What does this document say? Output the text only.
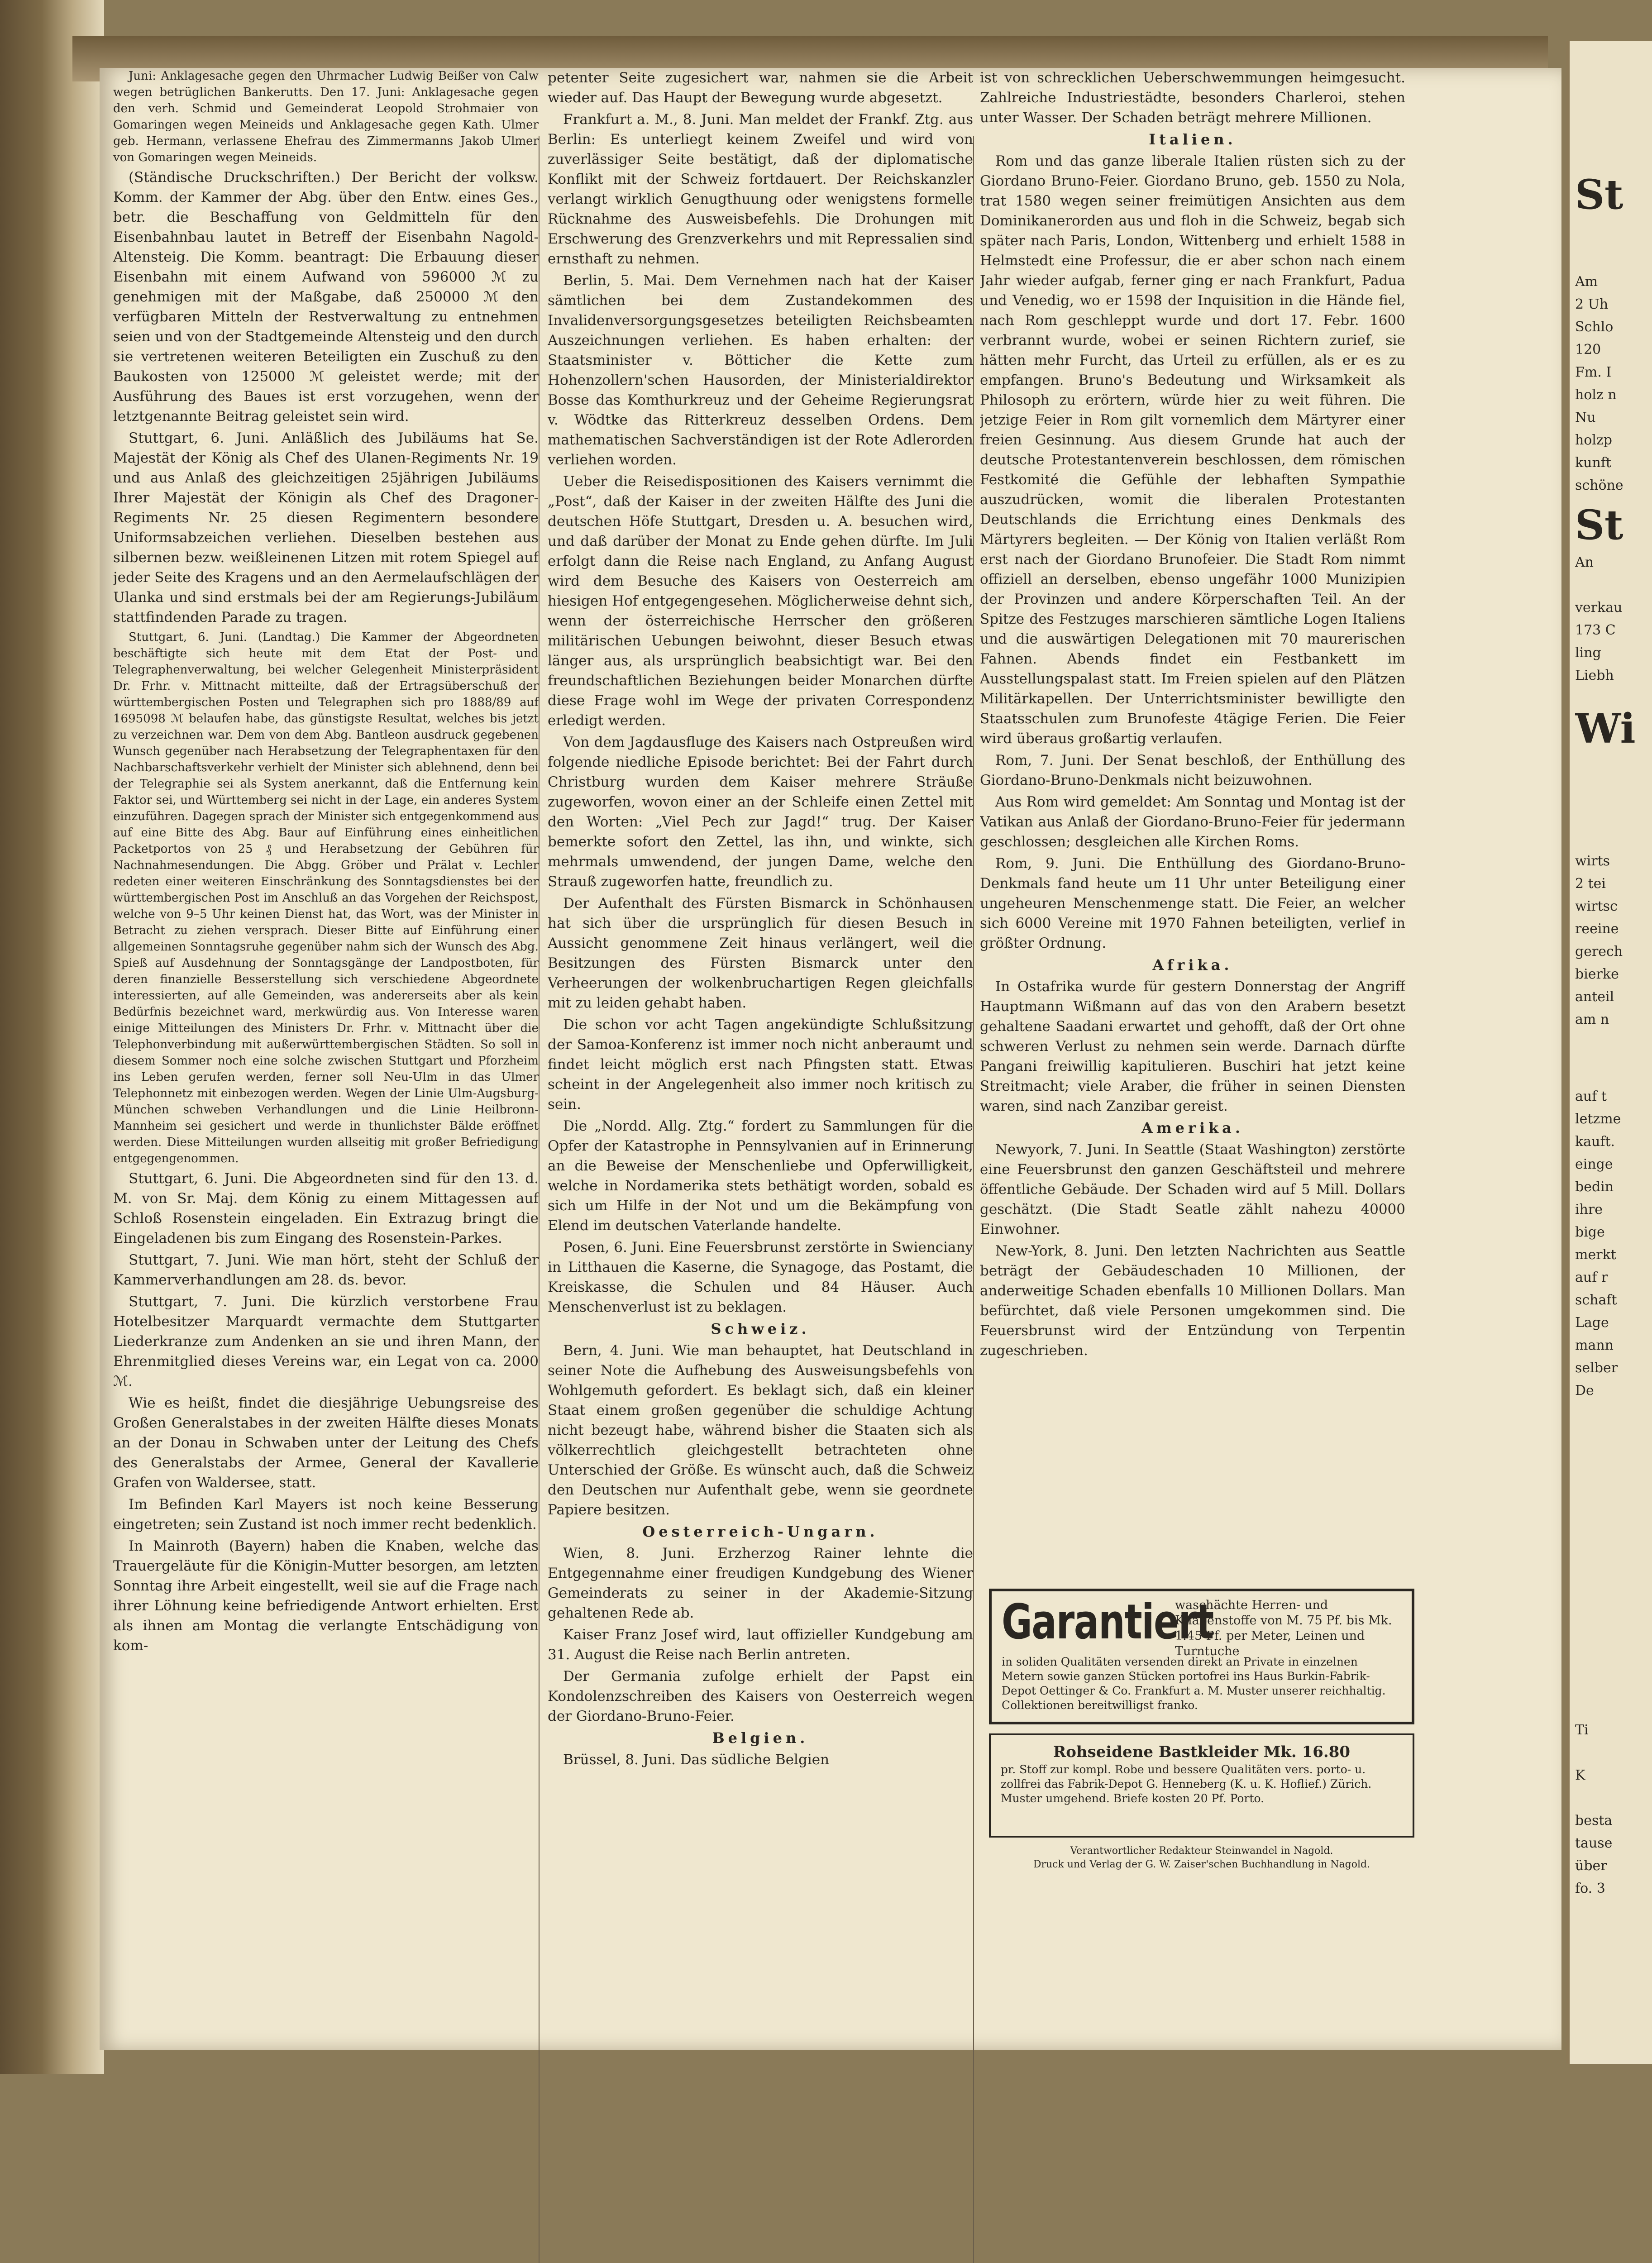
Juni: Anklagesache gegen den Uhrmacher Ludwig Beißer von Calw wegen betrüglichen Bankerutts. Den 17. Juni: Anklagesache gegen den verh. Schmid und Gemeinderat Leopold Strohmaier von Gomaringen wegen Meineids und Anklagesache gegen Kath. Ulmer geb. Hermann, verlassene Ehefrau des Zimmermanns Jakob Ulmer von Gomaringen wegen Meineids.

(Ständische Druckschriften.) Der Bericht der volksw. Komm. der Kammer der Abg. über den Entw. eines Ges., betr. die Beschaffung von Geldmitteln für den Eisenbahnbau lautet in Betreff der Eisenbahn Nagold-Altensteig. Die Komm. beantragt: Die Erbauung dieser Eisenbahn mit einem Aufwand von 596000 ℳ zu genehmigen mit der Maßgabe, daß 250000 ℳ den verfügbaren Mitteln der Restverwaltung zu entnehmen seien und von der Stadtgemeinde Altensteig und den durch sie vertretenen weiteren Beteiligten ein Zuschuß zu den Baukosten von 125000 ℳ geleistet werde; mit der Ausführung des Baues ist erst vorzugehen, wenn der letztgenannte Beitrag geleistet sein wird.

Stuttgart, 6. Juni. Anläßlich des Jubiläums hat Se. Majestät der König als Chef des Ulanen-Regiments Nr. 19 und aus Anlaß des gleichzeitigen 25jährigen Jubiläums Ihrer Majestät der Königin als Chef des Dragoner-Regiments Nr. 25 diesen Regimentern besondere Uniformsabzeichen verliehen. Dieselben bestehen aus silbernen bezw. weißleinenen Litzen mit rotem Spiegel auf jeder Seite des Kragens und an den Aermelaufschlägen der Ulanka und sind erstmals bei der am Regierungs-Jubiläum stattfindenden Parade zu tragen.

Stuttgart, 6. Juni. (Landtag.) Die Kammer der Abgeordneten beschäftigte sich heute mit dem Etat der Post- und Telegraphenverwaltung, bei welcher Gelegenheit Ministerpräsident Dr. Frhr. v. Mittnacht mitteilte, daß der Ertragsüberschuß der württembergischen Posten und Telegraphen sich pro 1888/89 auf 1695098 ℳ belaufen habe, das günstigste Resultat, welches bis jetzt zu verzeichnen war. Dem von dem Abg. Bantleon ausdruck gegebenen Wunsch gegenüber nach Herabsetzung der Telegraphentaxen für den Nachbarschaftsverkehr verhielt der Minister sich ablehnend, denn bei der Telegraphie sei als System anerkannt, daß die Entfernung kein Faktor sei, und Württemberg sei nicht in der Lage, ein anderes System einzuführen. Dagegen sprach der Minister sich entgegenkommend aus auf eine Bitte des Abg. Baur auf Einführung eines einheitlichen Packetportos von 25 ₰ und Herabsetzung der Gebühren für Nachnahmesendungen. Die Abgg. Gröber und Prälat v. Lechler redeten einer weiteren Einschränkung des Sonntagsdienstes bei der württembergischen Post im Anschluß an das Vorgehen der Reichspost, welche von 9–5 Uhr keinen Dienst hat, das Wort, was der Minister in Betracht zu ziehen versprach. Dieser Bitte auf Einführung einer allgemeinen Sonntagsruhe gegenüber nahm sich der Wunsch des Abg. Spieß auf Ausdehnung der Sonntagsgänge der Landpostboten, für deren finanzielle Besserstellung sich verschiedene Abgeordnete interessierten, auf alle Gemeinden, was andererseits aber als kein Bedürfnis bezeichnet ward, merkwürdig aus. Von Interesse waren einige Mitteilungen des Ministers Dr. Frhr. v. Mittnacht über die Telephonverbindung mit außerwürttembergischen Städten. So soll in diesem Sommer noch eine solche zwischen Stuttgart und Pforzheim ins Leben gerufen werden, ferner soll Neu-Ulm in das Ulmer Telephonnetz mit einbezogen werden. Wegen der Linie Ulm-Augsburg-München schweben Verhandlungen und die Linie Heilbronn-Mannheim sei gesichert und werde in thunlichster Bälde eröffnet werden. Diese Mitteilungen wurden allseitig mit großer Befriedigung entgegengenommen.

Stuttgart, 6. Juni. Die Abgeordneten sind für den 13. d. M. von Sr. Maj. dem König zu einem Mittagessen auf Schloß Rosenstein eingeladen. Ein Extrazug bringt die Eingeladenen bis zum Eingang des Rosenstein-Parkes.

Stuttgart, 7. Juni. Wie man hört, steht der Schluß der Kammerverhandlungen am 28. ds. bevor.

Stuttgart, 7. Juni. Die kürzlich verstorbene Frau Hotelbesitzer Marquardt vermachte dem Stuttgarter Liederkranze zum Andenken an sie und ihren Mann, der Ehrenmitglied dieses Vereins war, ein Legat von ca. 2000 ℳ.

Wie es heißt, findet die diesjährige Uebungsreise des Großen Generalstabes in der zweiten Hälfte dieses Monats an der Donau in Schwaben unter der Leitung des Chefs des Generalstabs der Armee, General der Kavallerie Grafen von Waldersee, statt.

Im Befinden Karl Mayers ist noch keine Besserung eingetreten; sein Zustand ist noch immer recht bedenklich.

In Mainroth (Bayern) haben die Knaben, welche das Trauergeläute für die Königin-Mutter besorgen, am letzten Sonntag ihre Arbeit eingestellt, weil sie auf die Frage nach ihrer Löhnung keine befriedigende Antwort erhielten. Erst als ihnen am Montag die verlangte Entschädigung von kom-

petenter Seite zugesichert war, nahmen sie die Arbeit wieder auf. Das Haupt der Bewegung wurde abgesetzt.

Frankfurt a. M., 8. Juni. Man meldet der Frankf. Ztg. aus Berlin: Es unterliegt keinem Zweifel und wird von zuverlässiger Seite bestätigt, daß der diplomatische Konflikt mit der Schweiz fortdauert. Der Reichskanzler verlangt wirklich Genugthuung oder wenigstens formelle Rücknahme des Ausweisbefehls. Die Drohungen mit Erschwerung des Grenzverkehrs und mit Repressalien sind ernsthaft zu nehmen.

Berlin, 5. Mai. Dem Vernehmen nach hat der Kaiser sämtlichen bei dem Zustandekommen des Invalidenversorgungsgesetzes beteiligten Reichsbeamten Auszeichnungen verliehen. Es haben erhalten: der Staatsminister v. Bötticher die Kette zum Hohenzollern'schen Hausorden, der Ministerialdirektor Bosse das Komthurkreuz und der Geheime Regierungsrat v. Wödtke das Ritterkreuz desselben Ordens. Dem mathematischen Sachverständigen ist der Rote Adlerorden verliehen worden.

Ueber die Reisedispositionen des Kaisers vernimmt die „Post“, daß der Kaiser in der zweiten Hälfte des Juni die deutschen Höfe Stuttgart, Dresden u. A. besuchen wird, und daß darüber der Monat zu Ende gehen dürfte. Im Juli erfolgt dann die Reise nach England, zu Anfang August wird dem Besuche des Kaisers von Oesterreich am hiesigen Hof entgegengesehen. Möglicherweise dehnt sich, wenn der österreichische Herrscher den größeren militärischen Uebungen beiwohnt, dieser Besuch etwas länger aus, als ursprünglich beabsichtigt war. Bei den freundschaftlichen Beziehungen beider Monarchen dürfte diese Frage wohl im Wege der privaten Correspondenz erledigt werden.

Von dem Jagdausfluge des Kaisers nach Ostpreußen wird folgende niedliche Episode berichtet: Bei der Fahrt durch Christburg wurden dem Kaiser mehrere Sträuße zugeworfen, wovon einer an der Schleife einen Zettel mit den Worten: „Viel Pech zur Jagd!“ trug. Der Kaiser bemerkte sofort den Zettel, las ihn, und winkte, sich mehrmals umwendend, der jungen Dame, welche den Strauß zugeworfen hatte, freundlich zu.

Der Aufenthalt des Fürsten Bismarck in Schönhausen hat sich über die ursprünglich für diesen Besuch in Aussicht genommene Zeit hinaus verlängert, weil die Besitzungen des Fürsten Bismarck unter den Verheerungen der wolkenbruchartigen Regen gleichfalls mit zu leiden gehabt haben.

Die schon vor acht Tagen angekündigte Schlußsitzung der Samoa-Konferenz ist immer noch nicht anberaumt und findet leicht möglich erst nach Pfingsten statt. Etwas scheint in der Angelegenheit also immer noch kritisch zu sein.

Die „Nordd. Allg. Ztg.“ fordert zu Sammlungen für die Opfer der Katastrophe in Pennsylvanien auf in Erinnerung an die Beweise der Menschenliebe und Opferwilligkeit, welche in Nordamerika stets bethätigt worden, sobald es sich um Hilfe in der Not und um die Bekämpfung von Elend im deutschen Vaterlande handelte.

Posen, 6. Juni. Eine Feuersbrunst zerstörte in Swienciany in Litthauen die Kaserne, die Synagoge, das Postamt, die Kreiskasse, die Schulen und 84 Häuser. Auch Menschenverlust ist zu beklagen.

Schweiz.

Bern, 4. Juni. Wie man behauptet, hat Deutschland in seiner Note die Aufhebung des Ausweisungsbefehls von Wohlgemuth gefordert. Es beklagt sich, daß ein kleiner Staat einem großen gegenüber die schuldige Achtung nicht bezeugt habe, während bisher die Staaten sich als völkerrechtlich gleichgestellt betrachteten ohne Unterschied der Größe. Es wünscht auch, daß die Schweiz den Deutschen nur Aufenthalt gebe, wenn sie geordnete Papiere besitzen.

Oesterreich-Ungarn.

Wien, 8. Juni. Erzherzog Rainer lehnte die Entgegennahme einer freudigen Kundgebung des Wiener Gemeinderats zu seiner in der Akademie-Sitzung gehaltenen Rede ab.

Kaiser Franz Josef wird, laut offizieller Kundgebung am 31. August die Reise nach Berlin antreten.

Der Germania zufolge erhielt der Papst ein Kondolenzschreiben des Kaisers von Oesterreich wegen der Giordano-Bruno-Feier.

Belgien.

Brüssel, 8. Juni. Das südliche Belgien

ist von schrecklichen Ueberschwemmungen heimgesucht. Zahlreiche Industriestädte, besonders Charleroi, stehen unter Wasser. Der Schaden beträgt mehrere Millionen.

Italien.

Rom und das ganze liberale Italien rüsten sich zu der Giordano Bruno-Feier. Giordano Bruno, geb. 1550 zu Nola, trat 1580 wegen seiner freimütigen Ansichten aus dem Dominikanerorden aus und floh in die Schweiz, begab sich später nach Paris, London, Wittenberg und erhielt 1588 in Helmstedt eine Professur, die er aber schon nach einem Jahr wieder aufgab, ferner ging er nach Frankfurt, Padua und Venedig, wo er 1598 der Inquisition in die Hände fiel, nach Rom geschleppt wurde und dort 17. Febr. 1600 verbrannt wurde, wobei er seinen Richtern zurief, sie hätten mehr Furcht, das Urteil zu erfüllen, als er es zu empfangen. Bruno's Bedeutung und Wirksamkeit als Philosoph zu erörtern, würde hier zu weit führen. Die jetzige Feier in Rom gilt vornemlich dem Märtyrer einer freien Gesinnung. Aus diesem Grunde hat auch der deutsche Protestantenverein beschlossen, dem römischen Festkomité die Gefühle der lebhaften Sympathie auszudrücken, womit die liberalen Protestanten Deutschlands die Errichtung eines Denkmals des Märtyrers begleiten. — Der König von Italien verläßt Rom erst nach der Giordano Brunofeier. Die Stadt Rom nimmt offiziell an derselben, ebenso ungefähr 1000 Munizipien der Provinzen und andere Körperschaften Teil. An der Spitze des Festzuges marschieren sämtliche Logen Italiens und die auswärtigen Delegationen mit 70 maurerischen Fahnen. Abends findet ein Festbankett im Ausstellungspalast statt. Im Freien spielen auf den Plätzen Militärkapellen. Der Unterrichtsminister bewilligte den Staatsschulen zum Brunofeste 4tägige Ferien. Die Feier wird überaus großartig verlaufen.

Rom, 7. Juni. Der Senat beschloß, der Enthüllung des Giordano-Bruno-Denkmals nicht beizuwohnen.

Aus Rom wird gemeldet: Am Sonntag und Montag ist der Vatikan aus Anlaß der Giordano-Bruno-Feier für jedermann geschlossen; desgleichen alle Kirchen Roms.

Rom, 9. Juni. Die Enthüllung des Giordano-Bruno-Denkmals fand heute um 11 Uhr unter Beteiligung einer ungeheuren Menschenmenge statt. Die Feier, an welcher sich 6000 Vereine mit 1970 Fahnen beteiligten, verlief in größter Ordnung.

Afrika.

In Ostafrika wurde für gestern Donnerstag der Angriff Hauptmann Wißmann auf das von den Arabern besetzt gehaltene Saadani erwartet und gehofft, daß der Ort ohne schweren Verlust zu nehmen sein werde. Darnach dürfte Pangani freiwillig kapitulieren. Buschiri hat jetzt keine Streitmacht; viele Araber, die früher in seinen Diensten waren, sind nach Zanzibar gereist.

Amerika.

Newyork, 7. Juni. In Seattle (Staat Washington) zerstörte eine Feuersbrunst den ganzen Geschäftsteil und mehrere öffentliche Gebäude. Der Schaden wird auf 5 Mill. Dollars geschätzt. (Die Stadt Seatle zählt nahezu 40000 Einwohner.

New-York, 8. Juni. Den letzten Nachrichten aus Seattle beträgt der Gebäudeschaden 10 Millionen, der anderweitige Schaden ebenfalls 10 Millionen Dollars. Man befürchtet, daß viele Personen umgekommen sind. Die Feuersbrunst wird der Entzündung von Terpentin zugeschrieben.

Garantiert
waschächte Herren- und Knabenstoffe von M. 75 Pf. bis Mk. 1.45 Pf. per Meter, Leinen und Turntuche
in soliden Qualitäten versenden direkt an Private in einzelnen Metern sowie ganzen Stücken portofrei ins Haus Burkin-Fabrik-Depot Oettinger & Co. Frankfurt a. M. Muster unserer reichhaltig. Collektionen bereitwilligst franko.
Rohseidene Bastkleider Mk. 16.80
pr. Stoff zur kompl. Robe und bessere Qualitäten vers. porto- u. zollfrei das Fabrik-Depot G. Henneberg (K. u. K. Hoflief.) Zürich. Muster umgehend. Briefe kosten 20 Pf. Porto.
Verantwortlicher Redakteur Steinwandel in Nagold.
Druck und Verlag der G. W. Zaiser'schen Buchhandlung in Nagold.
St
Am
2 Uh
Schlo
120
Fm. I
holz n
Nu
holzp
kunft
schöne
St
An
verkau
173 C
ling
Liebh
Wi
wirts
2 tei
wirtsc
reeine
gerech
bierke
anteil
am n
auf t
letzme
kauft.
einge
bedin
ihre
bige
merkt
auf r
schaft
Lage
mann
selber
De
Ti
K
besta
tause
über
fo. 3
